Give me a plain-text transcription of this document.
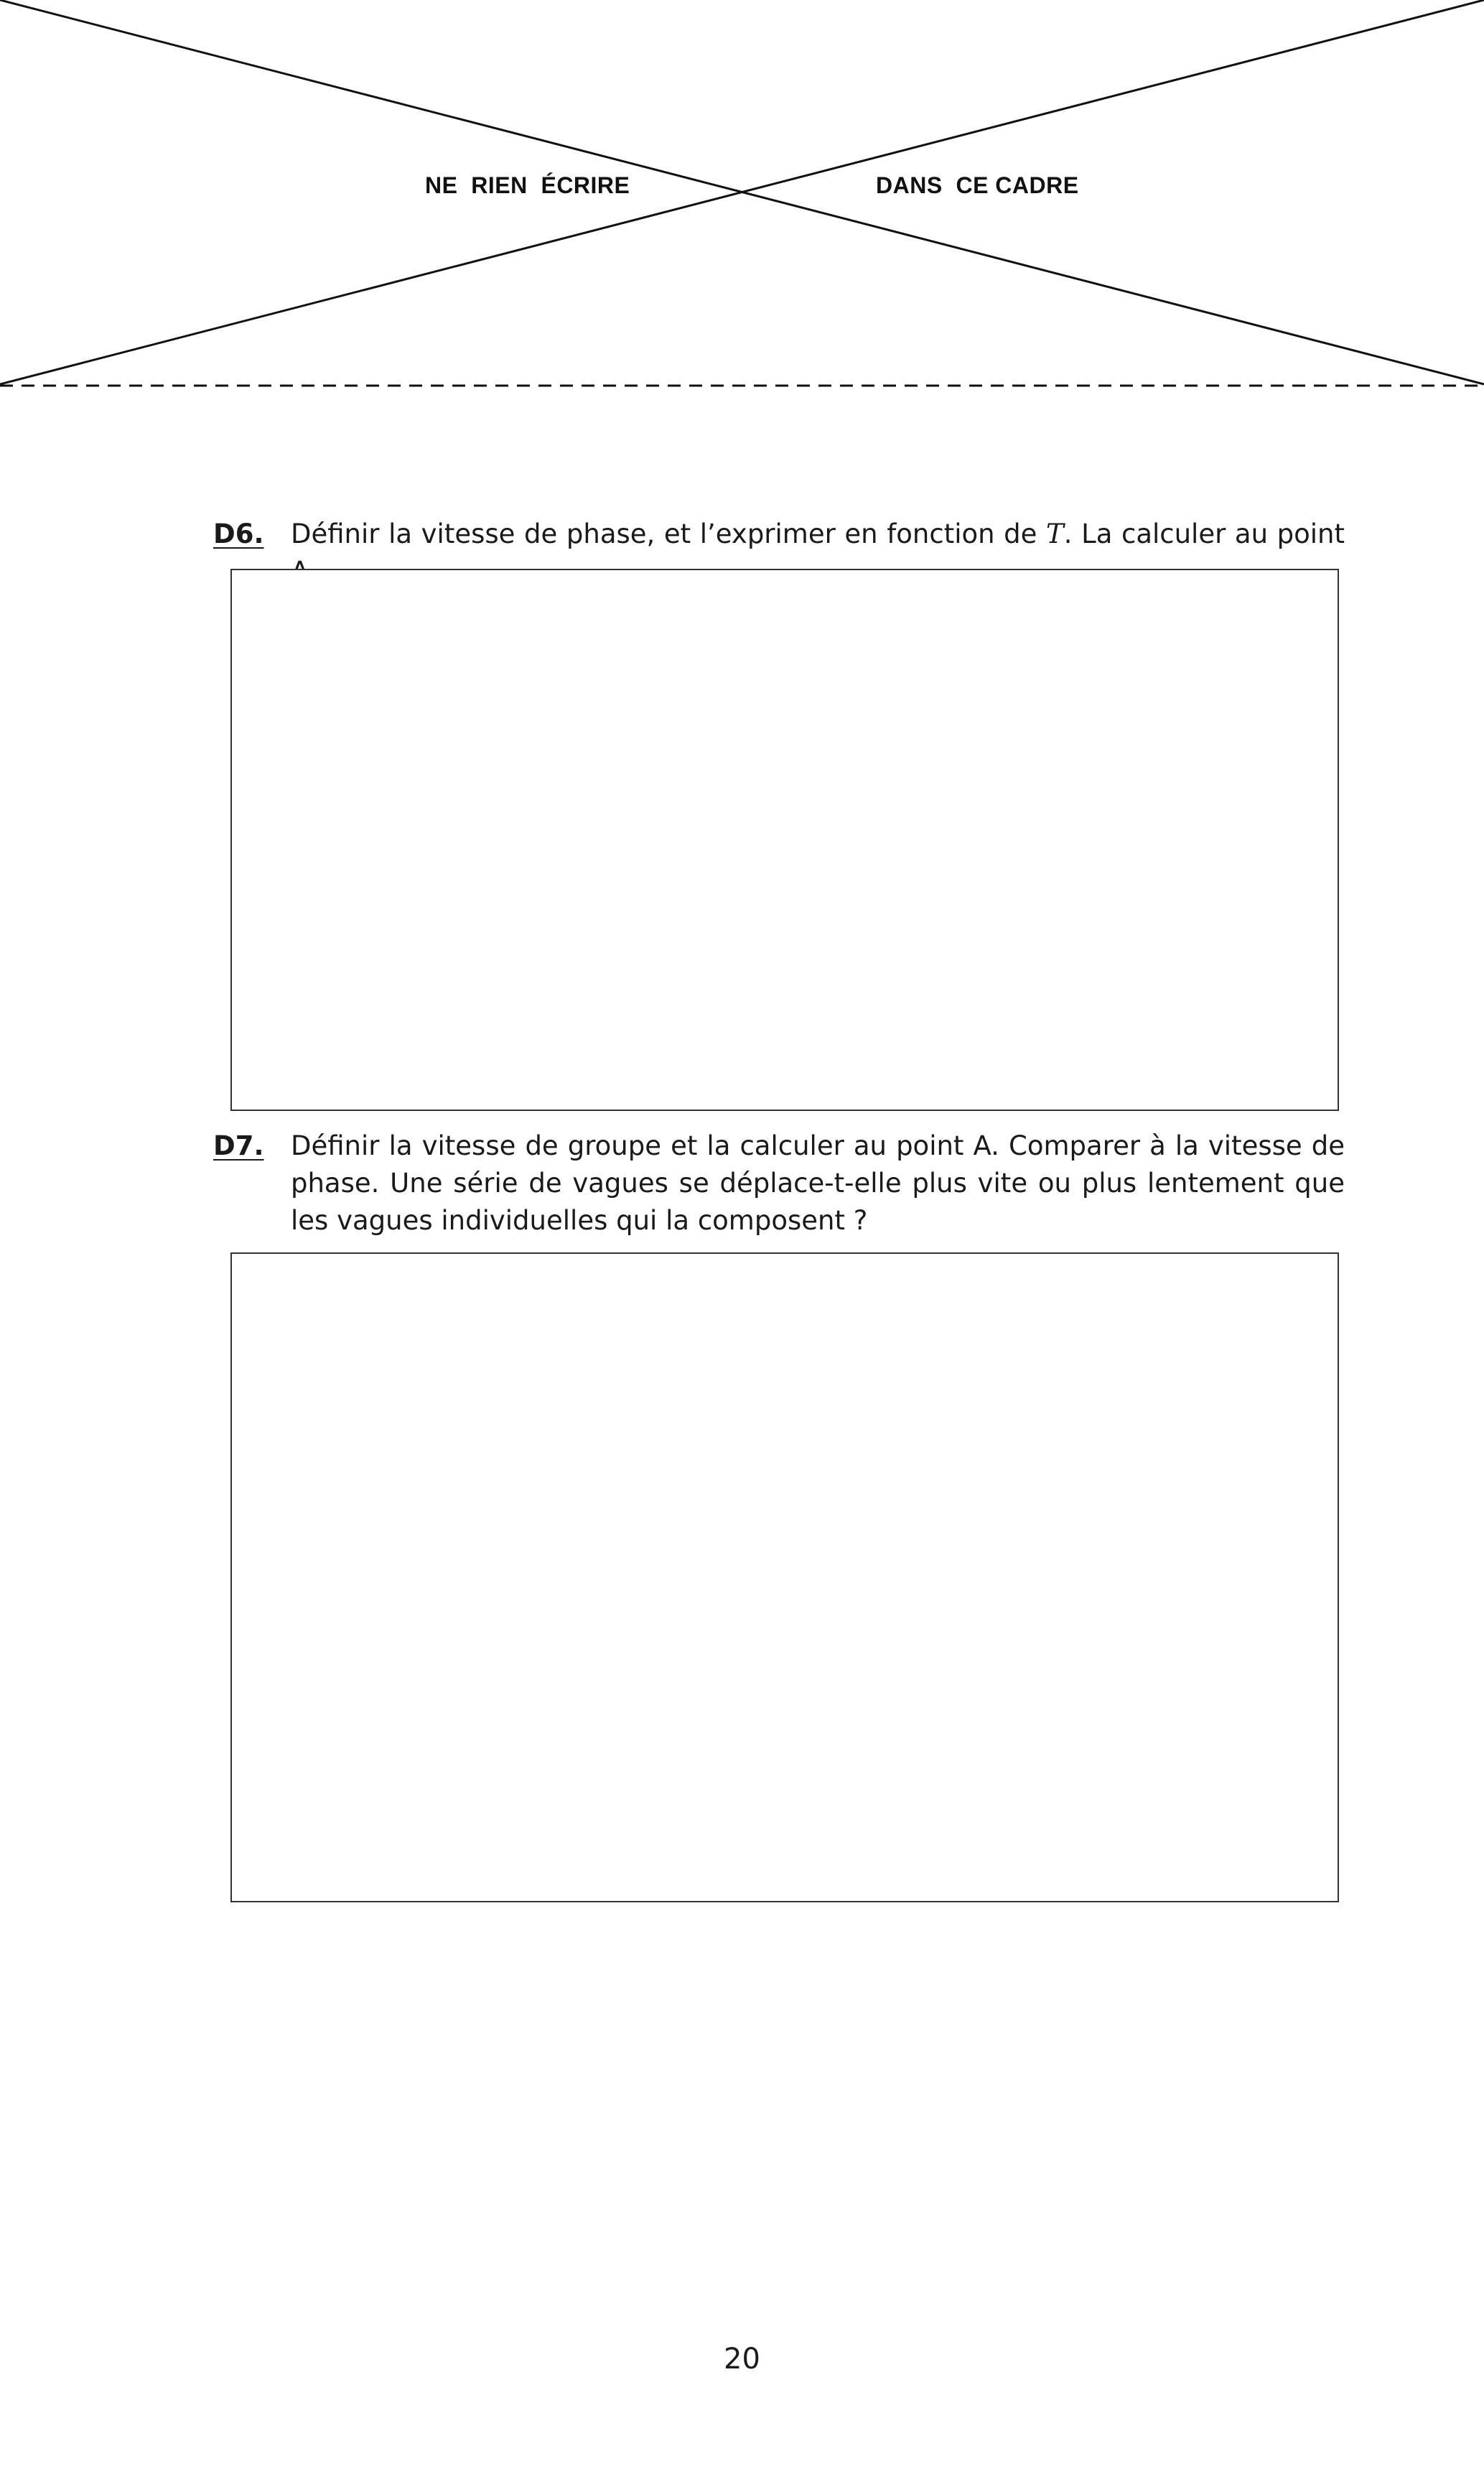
NE  RIEN  ÉCRIRE	DANS  CE CADRE
D6. Définir la vitesse de phase, et l’exprimer en fonction de T. La calculer au point
D7. Définir la vitesse de groupe et la calculer au point A. Comparer à la vitesse de phase. Une série de vagues se déplace-t-elle plus vite ou plus lentement que les vagues individuelles qui la composent ?
20
